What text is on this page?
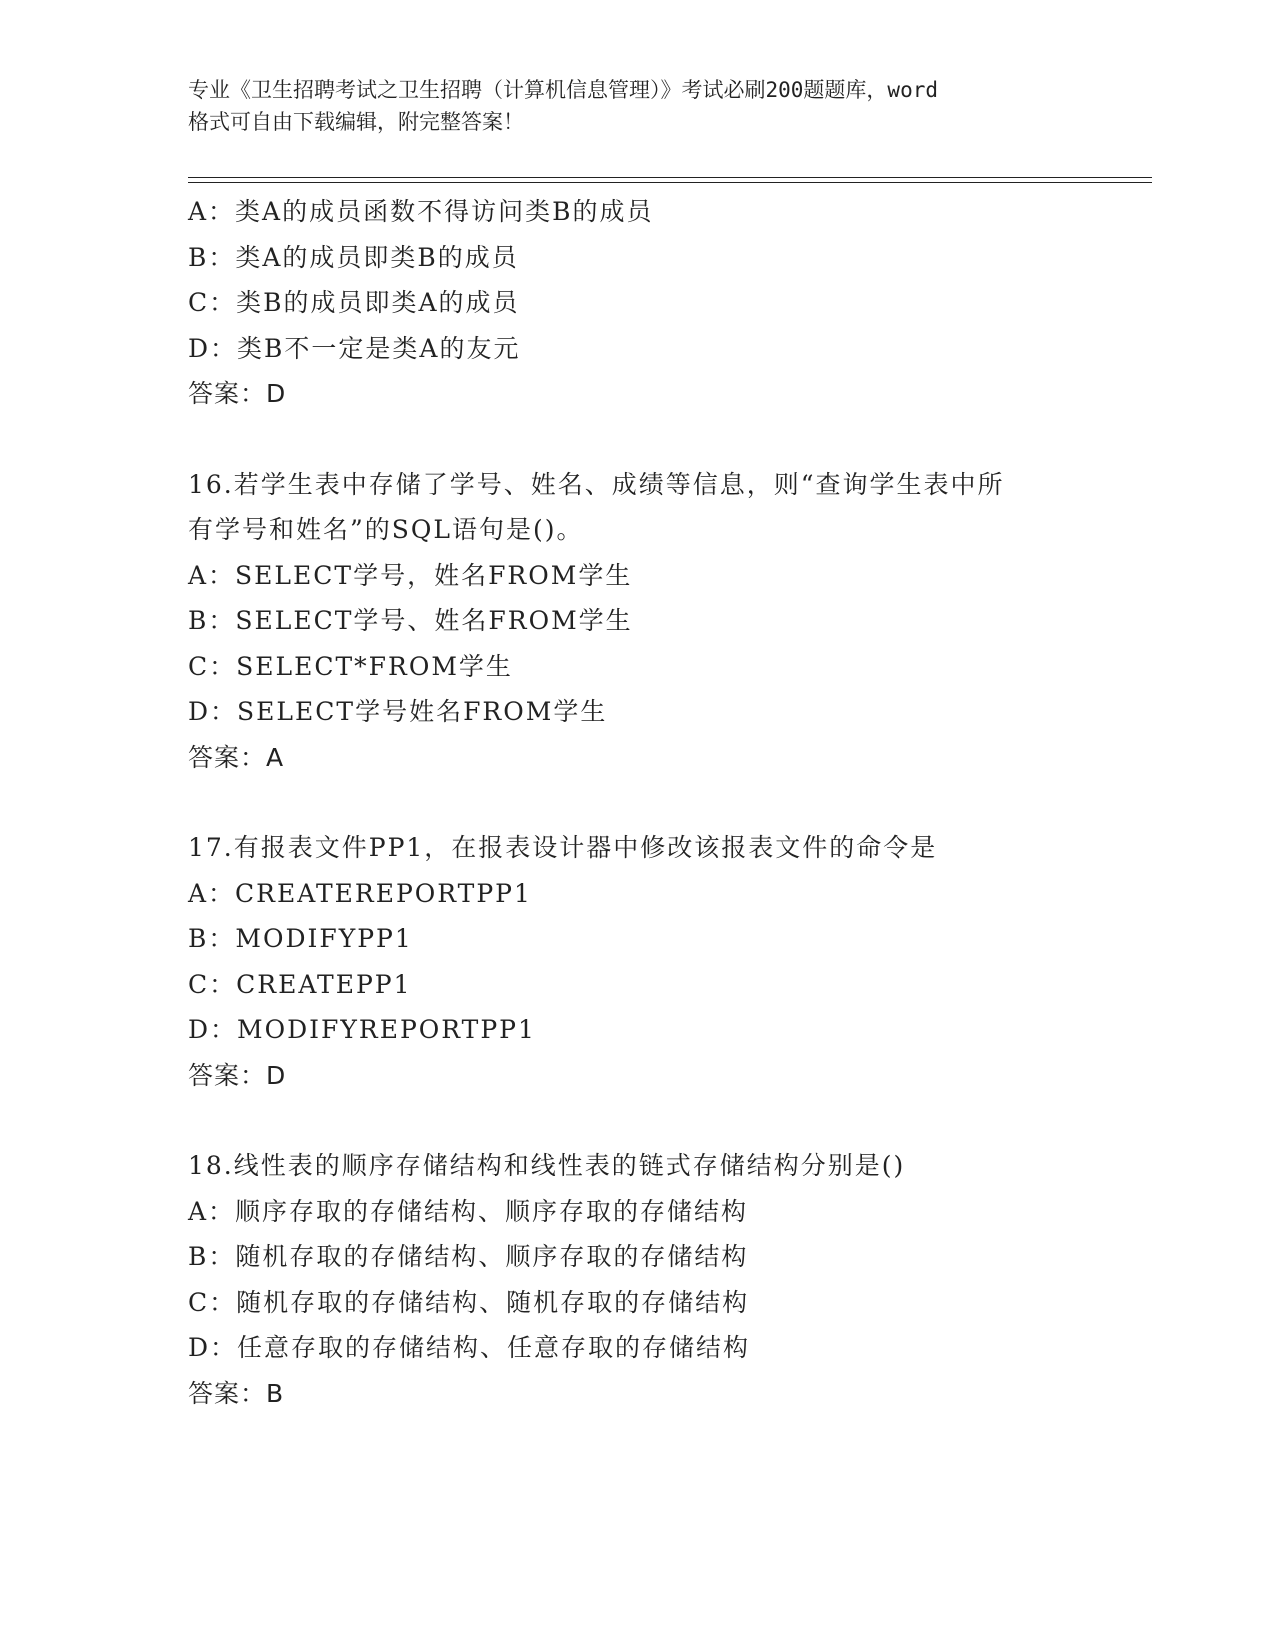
专业《卫生招聘考试之卫生招聘（计算机信息管理）》考试必刷200题题库，word
格式可自由下载编辑，附完整答案！
A：类A的成员函数不得访问类B的成员
B：类A的成员即类B的成员
C：类B的成员即类A的成员
D：类B不一定是类A的友元
答案：D
16.若学生表中存储了学号、姓名、成绩等信息，则“查询学生表中所
有学号和姓名”的SQL语句是()。
A：SELECT学号，姓名FROM学生
B：SELECT学号、姓名FROM学生
C：SELECT*FROM学生
D：SELECT学号姓名FROM学生
答案：A
17.有报表文件PP1，在报表设计器中修改该报表文件的命令是
A：CREATEREPORTPP1
B：MODIFYPP1
C：CREATEPP1
D：MODIFYREPORTPP1
答案：D
18.线性表的顺序存储结构和线性表的链式存储结构分别是()
A：顺序存取的存储结构、顺序存取的存储结构
B：随机存取的存储结构、顺序存取的存储结构
C：随机存取的存储结构、随机存取的存储结构
D：任意存取的存储结构、任意存取的存储结构
答案：B
